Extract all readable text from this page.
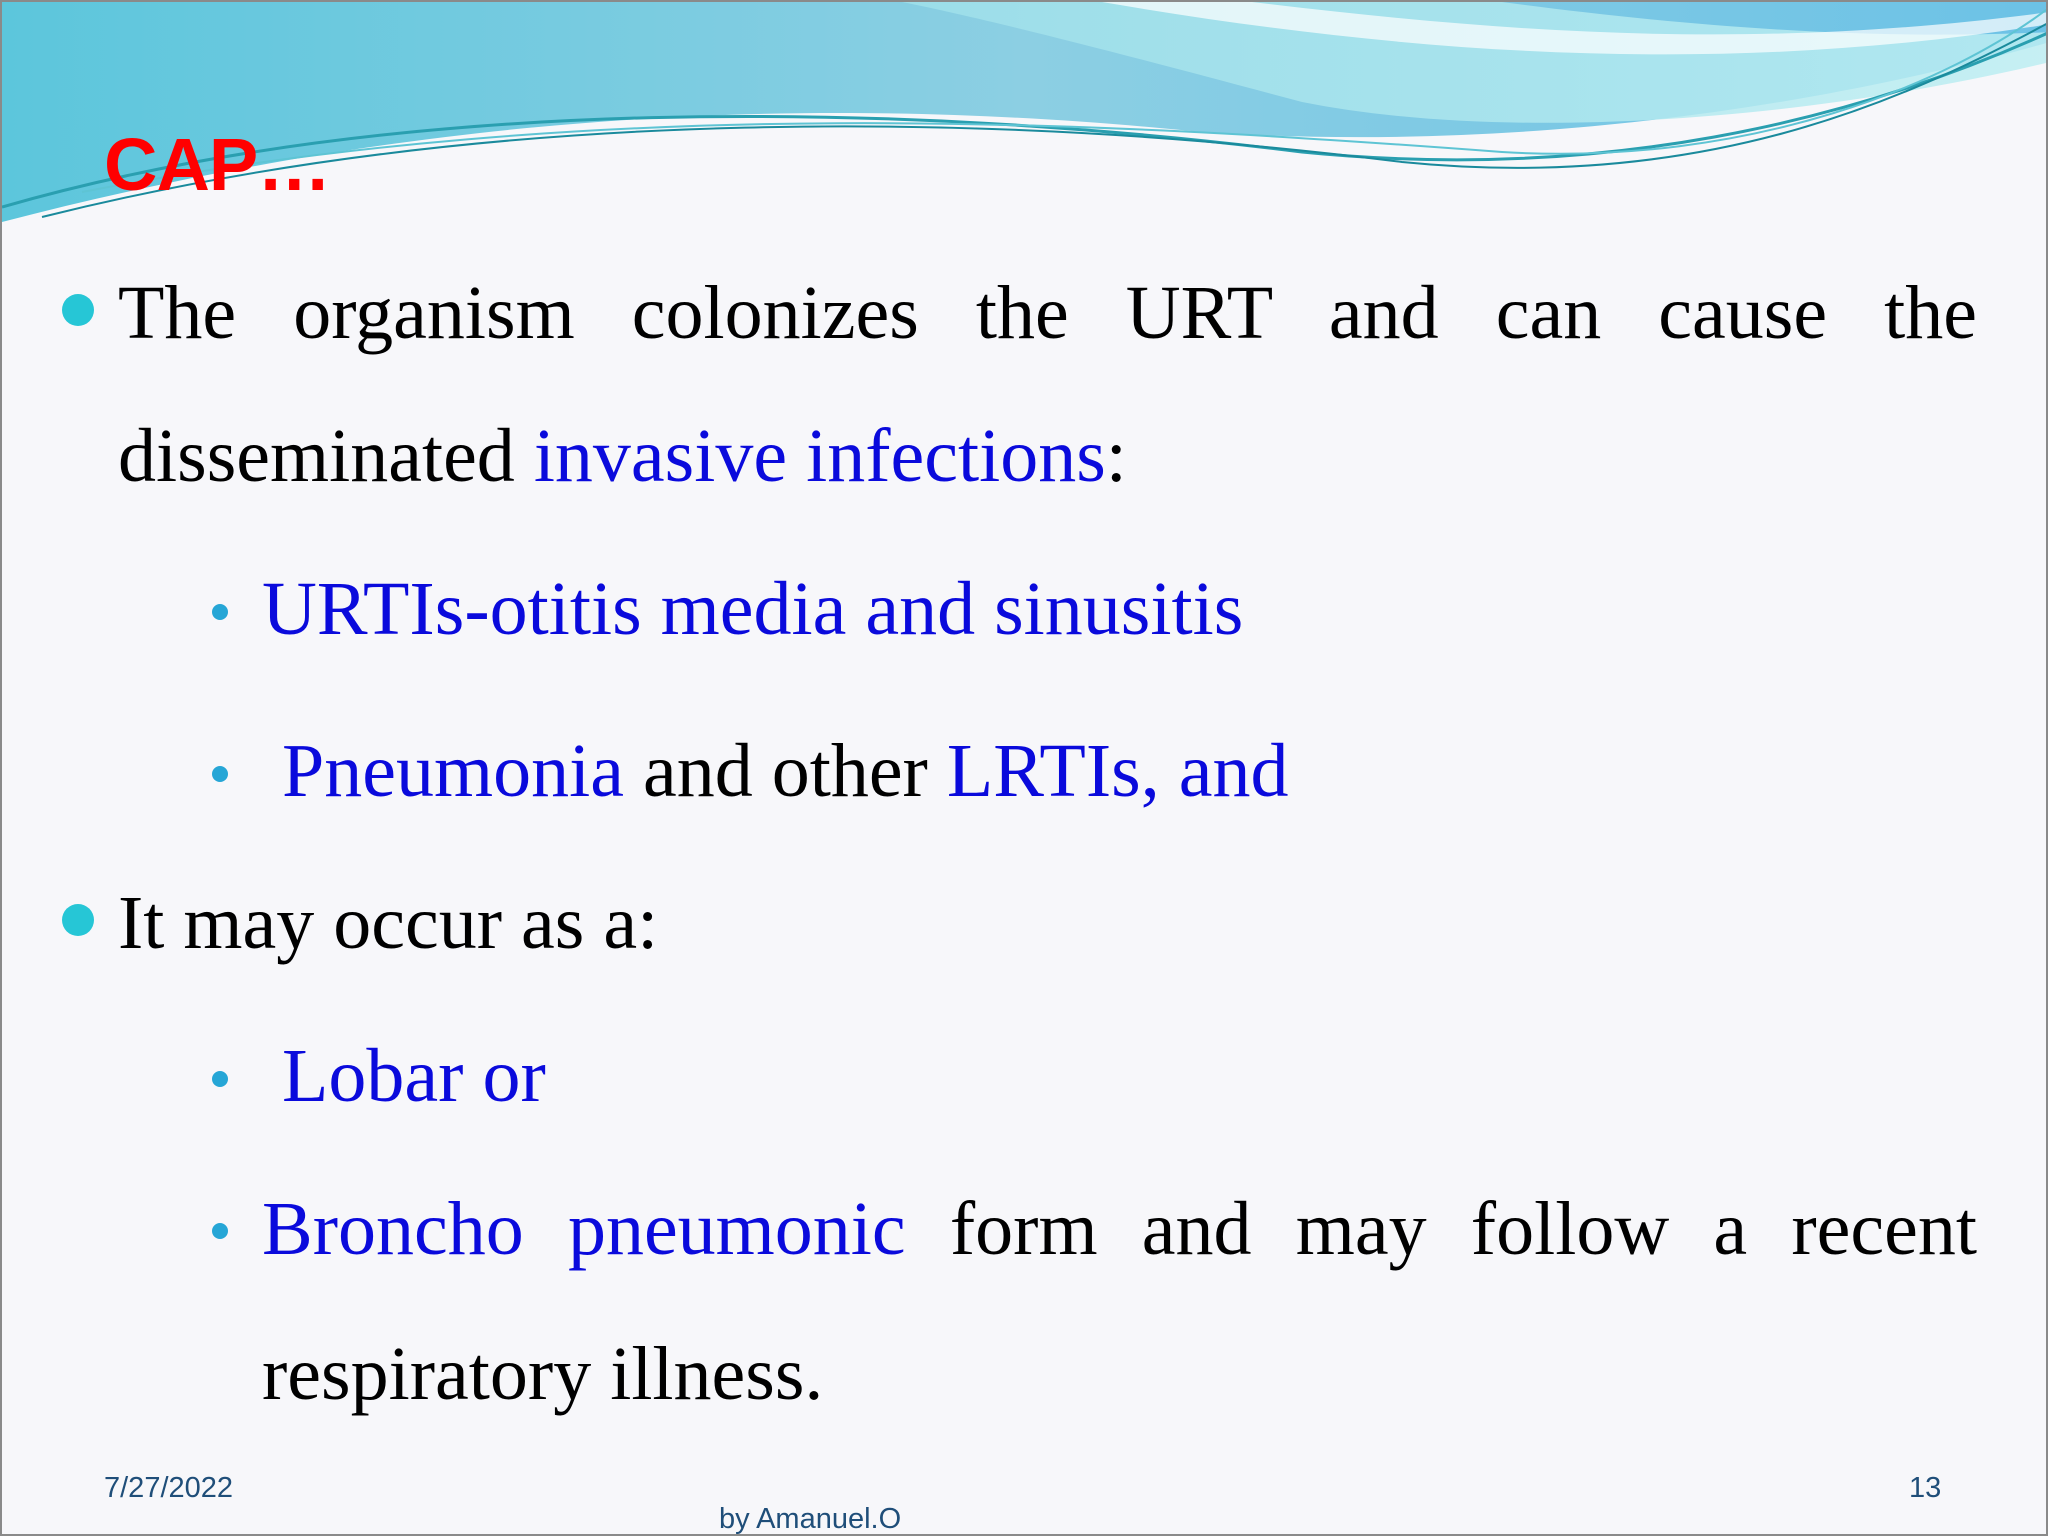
CAP…

The organism colonizes the URT and can cause the disseminated invasive infections:

URTIs-otitis media and sinusitis

Pneumonia and other LRTIs, and

It may occur as a:

Lobar or

Broncho pneumonic form and may follow a recent respiratory illness.

7/27/2022
by Amanuel.O
13
